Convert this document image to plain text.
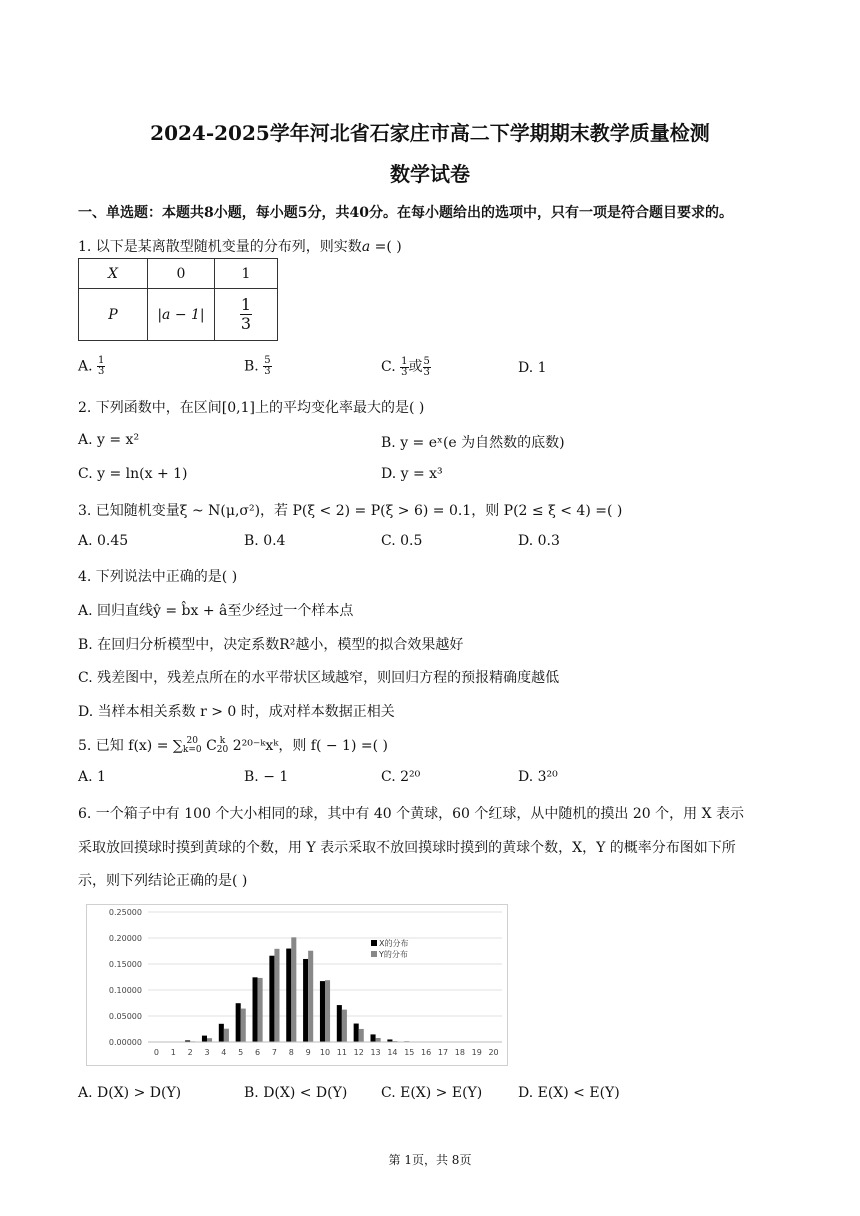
2024-2025学年河北省石家庄市高二下学期期末教学质量检测
数学试卷
一、单选题：本题共8小题，每小题5分，共40分。在每小题给出的选项中，只有一项是符合题目要求的。
1. 以下是某离散型随机变量的分布列，则实数a =( )
X	0	1
P	|a − 1|	$\frac{1}{3}$
A. $\frac{1}{3}$	B. $\frac{5}{3}$	C. $\frac{1}{3}$ 或 $\frac{5}{3}$	D. 1
2. 下列函数中，在区间[0,1]上的平均变化率最大的是( )
A. y = x²	B. y = eˣ(e 为自然数的底数)
C. y = ln(x + 1)	D. y = x³
3. 已知随机变量ξ ~ N(μ,σ²)，若 P(ξ < 2) = P(ξ > 6) = 0.1，则 P(2 ≤ ξ < 4) =( )
A. 0.45	B. 0.4	C. 0.5	D. 0.3
4. 下列说法中正确的是( )
A. 回归直线ŷ = b̂x + â至少经过一个样本点
B. 在回归分析模型中，决定系数R²越小，模型的拟合效果越好
C. 残差图中，残差点所在的水平带状区域越窄，则回归方程的预报精确度越低
D. 当样本相关系数 r > 0 时，成对样本数据正相关
5. 已知 f(x) = ∑ 20
k=0 C k
20 2²⁰⁻ᵏxᵏ，则 f( − 1) =( )
A. 1	B. − 1	C. 2²⁰	D. 3²⁰
6. 一个箱子中有 100 个大小相同的球，其中有 40 个黄球，60 个红球，从中随机的摸出 20 个，用 X 表示
采取放回摸球时摸到黄球的个数，用 Y 表示采取不放回摸球时摸到的黄球个数，X，Y 的概率分布图如下所
示，则下列结论正确的是( )
0.25000
0.20000
0.15000
0.10000
0.05000
0.00000
0 1 2 3 4 5 6 7 8 9 10 11 12 13 14 15 16 17 18 19 20
X的分布
Y的分布
A. D(X) > D(Y)	B. D(X) < D(Y) C. E(X) > E(Y)	D. E(X) < E(Y)
第 1页，共 8页
